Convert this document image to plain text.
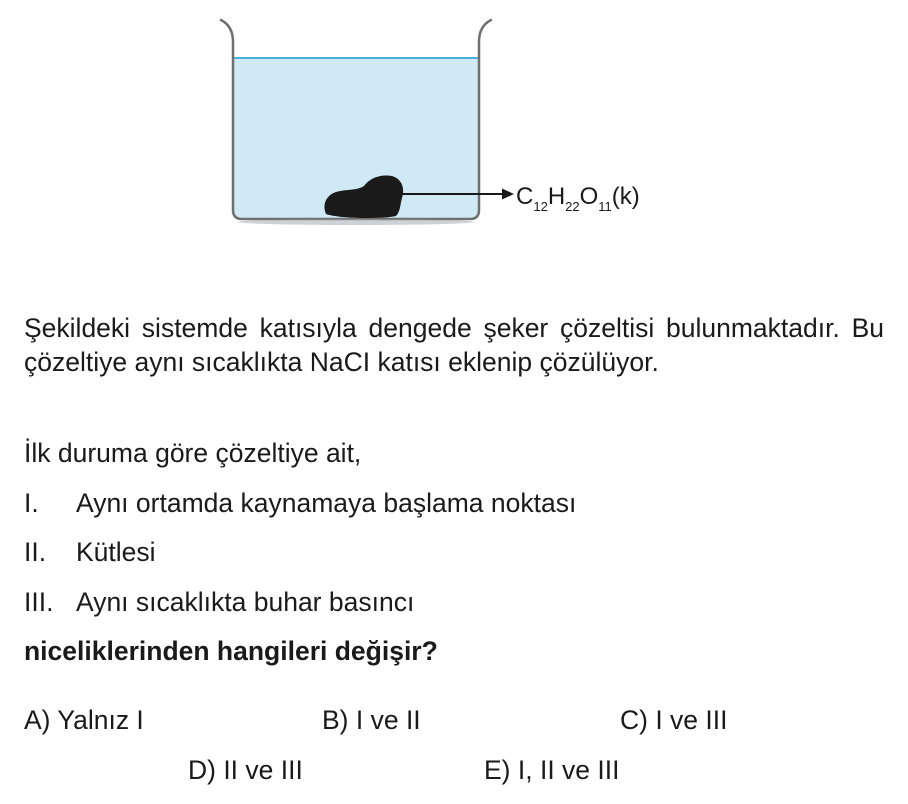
$C_{12}H_{22}O_{11}(k)$
Şekildeki sistemde katısıyla dengede şeker çözeltisi bulunmaktadır. Bu çözeltiye aynı sıcaklıkta NaCI katısı eklenip çözülüyor.
İlk duruma göre çözeltiye ait,
I. Aynı ortamda kaynamaya başlama noktası
II. Kütlesi
III. Aynı sıcaklıkta buhar basıncı
niceliklerinden hangileri değişir?
A) Yalnız I	B) I ve II	C) I ve III
D) II ve III	E) I, II ve III
